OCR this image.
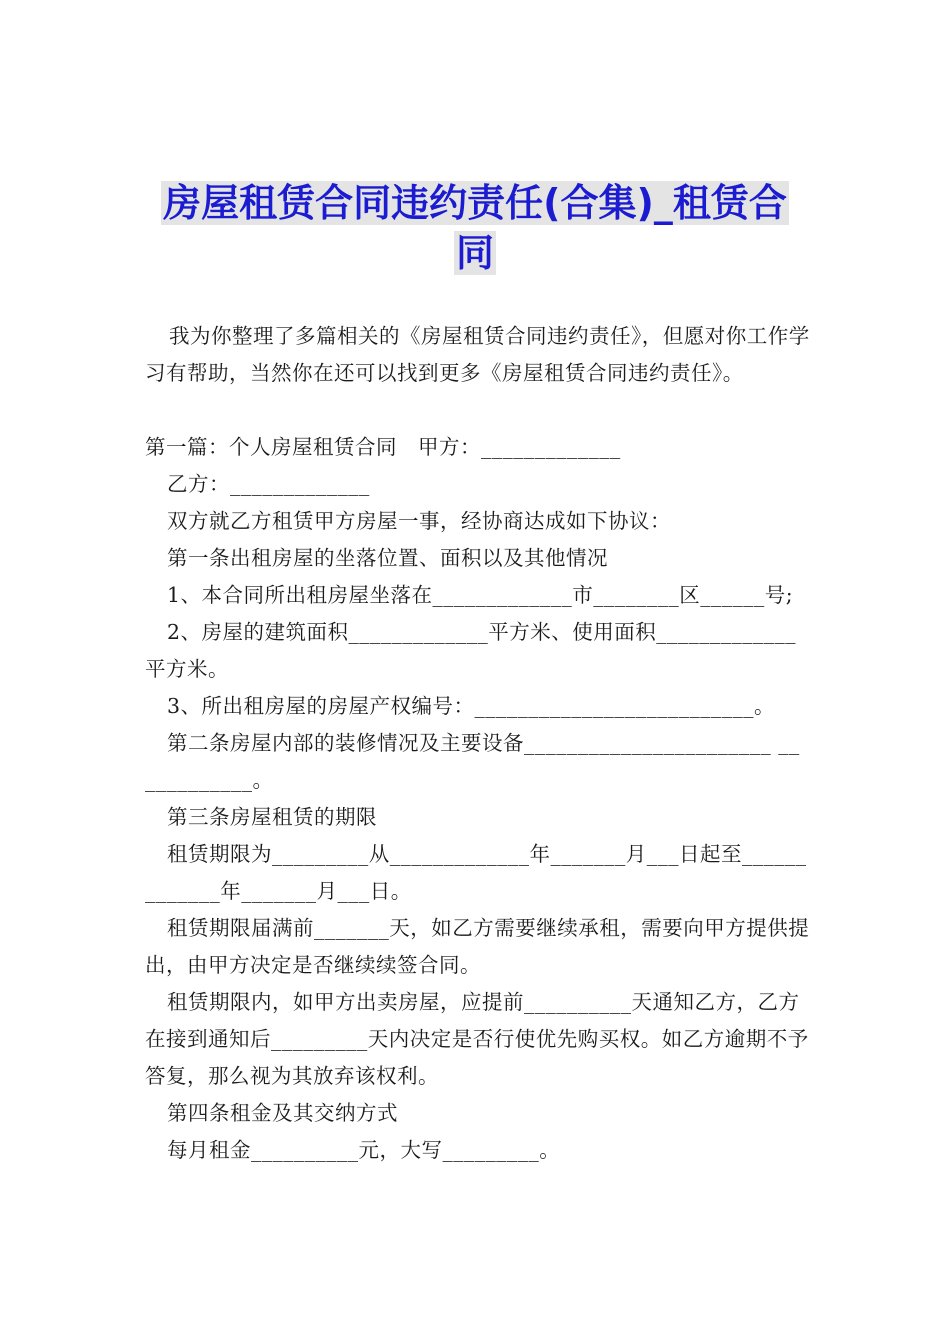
房屋租赁合同违约责任(合集)_租赁合
同

我为你整理了多篇相关的《房屋租赁合同违约责任》，但愿对你工作学习有帮助，当然你在还可以找到更多《房屋租赁合同违约责任》。

第一篇：个人房屋租赁合同　甲方：_____________

乙方：_____________

双方就乙方租赁甲方房屋一事，经协商达成如下协议：

第一条出租房屋的坐落位置、面积以及其他情况

1、本合同所出租房屋坐落在_____________市________区______号;

2、房屋的建筑面积_____________平方米、使用面积_____________平方米。

3、所出租房屋的房屋产权编号：__________________________。

第二条房屋内部的装修情况及主要设备_______________________ ____________。

第三条房屋租赁的期限

租赁期限为_________从_____________年_______月___日起至_____________年_______月___日。

租赁期限届满前_______天，如乙方需要继续承租，需要向甲方提供提出，由甲方决定是否继续续签合同。

租赁期限内，如甲方出卖房屋，应提前__________天通知乙方，乙方在接到通知后_________天内决定是否行使优先购买权。如乙方逾期不予答复，那么视为其放弃该权利。

第四条租金及其交纳方式

每月租金__________元，大写_________。
